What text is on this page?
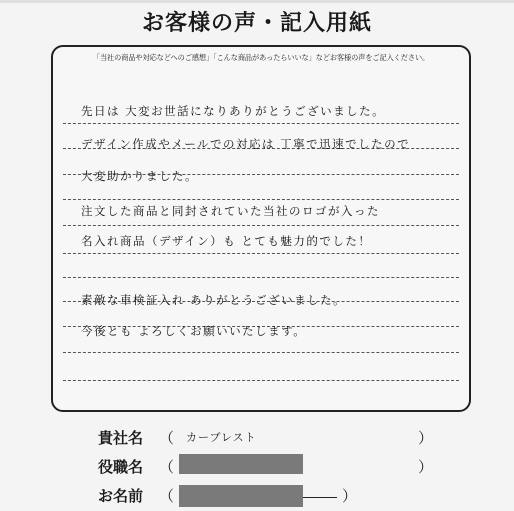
お客様の声・記入用紙
「当社の商品や対応などへのご感想」「こんな商品があったらいいな」などお客様の声をご記入ください。
先日は 大変お世話になりありがとうございました。
デザイン作成やメールでの対応は 丁寧で迅速でしたので
大変助かりました。
注文した商品と同封されていた当社のロゴが入った
名入れ商品（デザイン）も とても魅力的でした！
素敵な車検証入れ ありがとうございました。
今後とも よろしくお願いいたします。
貴社名 （ カーブレスト	）
役職名 （	）
お名前 （	）
